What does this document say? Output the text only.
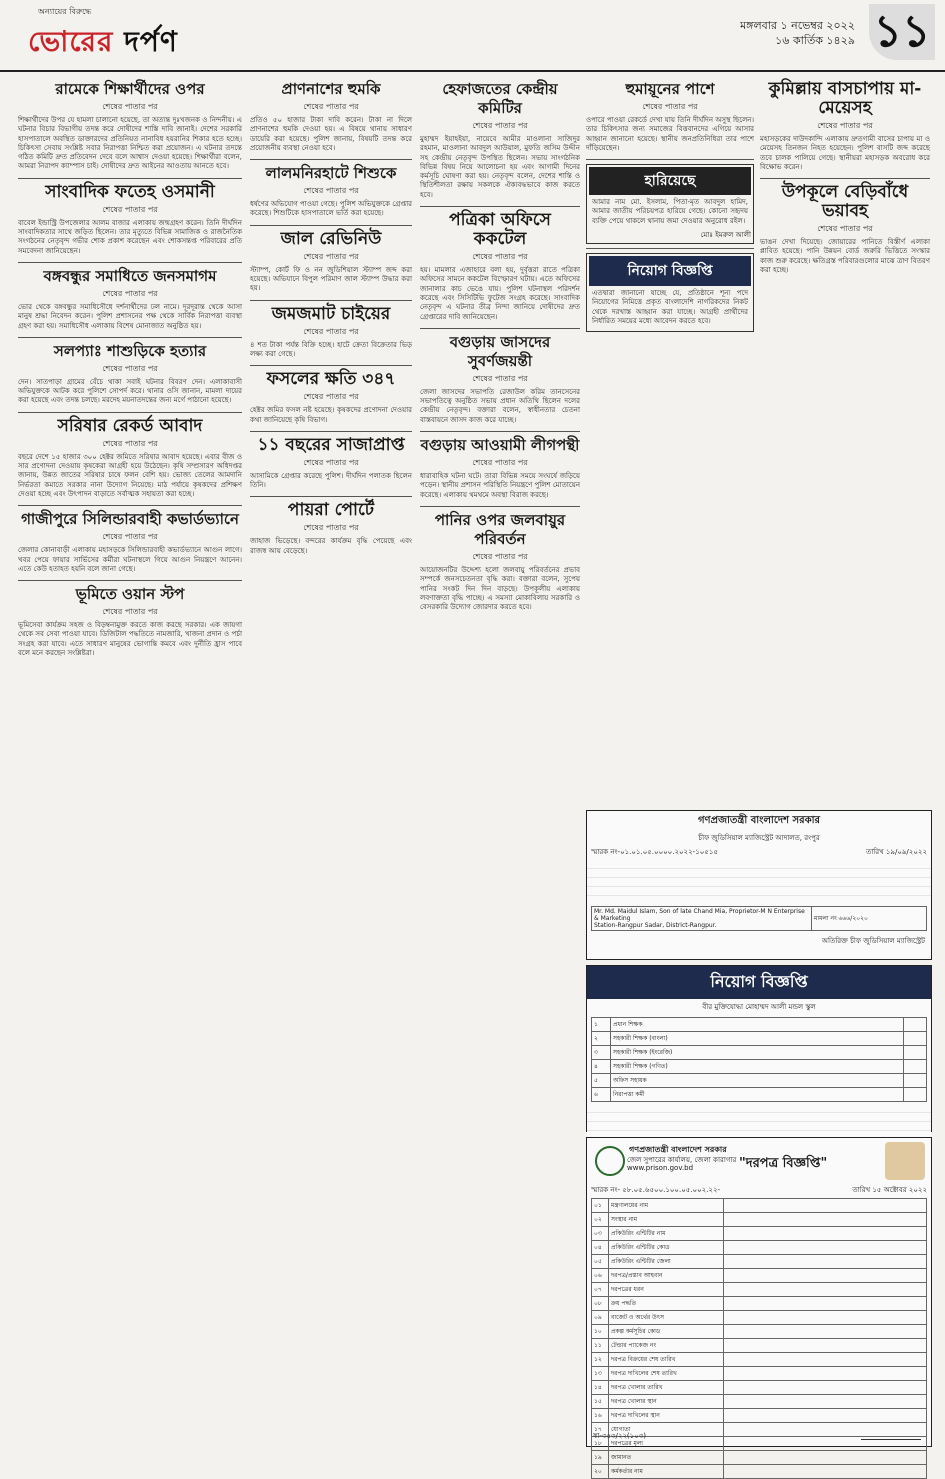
অন্যায়ের বিরুদ্ধে
ভোরের দর্পণ	মঙ্গলবার ১ নভেম্বর ২০২২
১৬ কার্তিক ১৪২৯ ১১
রামেকে শিক্ষার্থীদের ওপর
শেষের পাতার পর
শিক্ষার্থীদের উপর যে হামলা চালানো হয়েছে, তা অত্যন্ত দুঃখজনক ও নিন্দনীয়। এ ঘটনার বিচার বিভাগীয় তদন্ত করে দোষীদের শাস্তি দাবি জানাই। দেশের সরকারি হাসপাতালে অবস্থিত ডাক্তারদের প্রতিনিয়ত নানাবিধ হয়রানির শিকার হতে হচ্ছে। চিকিৎসা সেবায় সংশ্লিষ্ট সবার নিরাপত্তা নিশ্চিত করা প্রয়োজন। এ ঘটনার তদন্তে গঠিত কমিটি দ্রুত প্রতিবেদন দেবে বলে আশ্বাস দেওয়া হয়েছে। শিক্ষার্থীরা বলেন, আমরা নিরাপদ ক্যাম্পাস চাই। দোষীদের দ্রুত আইনের আওতায় আনতে হবে।
সাংবাদিক ফতেহ ওসমানী
শেষের পাতার পর
বাবেল ইন্ডাস্ট্রি উপজেলার আলম বাজার এলাকায় জন্মগ্রহণ করেন। তিনি দীর্ঘদিন সাংবাদিকতার সাথে জড়িত ছিলেন। তার মৃত্যুতে বিভিন্ন সামাজিক ও রাজনৈতিক সংগঠনের নেতৃবৃন্দ গভীর শোক প্রকাশ করেছেন এবং শোকসন্তপ্ত পরিবারের প্রতি সমবেদনা জানিয়েছেন।
বঙ্গবন্ধুর সমাধিতে জনসমাগম
শেষের পাতার পর
ভোর থেকে বঙ্গবন্ধুর সমাধিসৌধে দর্শনার্থীদের ঢল নামে। দূরদূরান্ত থেকে আসা মানুষ শ্রদ্ধা নিবেদন করেন। পুলিশ প্রশাসনের পক্ষ থেকে সার্বিক নিরাপত্তা ব্যবস্থা গ্রহণ করা হয়। সমাধিসৌধ এলাকায় বিশেষ মোনাজাত অনুষ্ঠিত হয়।
সলপ্যাঃ শাশুড়িকে হত্যার
শেষের পাতার পর
দেন। সাতপাড়া গ্রামের বেঁচে থাকা সবাই ঘটনার বিবরণ দেন। এলাকাবাসী অভিযুক্তকে আটক করে পুলিশে সোপর্দ করে। থানার ওসি জানান, মামলা দায়ের করা হয়েছে এবং তদন্ত চলছে। মরদেহ ময়নাতদন্তের জন্য মর্গে পাঠানো হয়েছে।
সরিষার রেকর্ড আবাদ
শেষের পাতার পর
বছরে দেশে ১৫ হাজার ৩০০ হেক্টর জমিতে সরিষার আবাদ হয়েছে। এবার বীজ ও সার প্রণোদনা দেওয়ায় কৃষকেরা আগ্রহী হয়ে উঠেছেন। কৃষি সম্প্রসারণ অধিদপ্তর জানায়, উন্নত জাতের সরিষার চাষে ফলন বেশি হয়। ভোজ্য তেলের আমদানি নির্ভরতা কমাতে সরকার নানা উদ্যোগ নিয়েছে। মাঠ পর্যায়ে কৃষকদের প্রশিক্ষণ দেওয়া হচ্ছে এবং উৎপাদন বাড়াতে সর্বাত্মক সহায়তা করা হচ্ছে।
গাজীপুরে সিলিন্ডারবাহী কভার্ডভ্যানে
শেষের পাতার পর
জেলার কোনাবাড়ী এলাকায় মহাসড়কে সিলিন্ডারবাহী কভার্ডভ্যানে আগুন লাগে। খবর পেয়ে ফায়ার সার্ভিসের কর্মীরা ঘটনাস্থলে গিয়ে আগুন নিয়ন্ত্রণে আনেন। এতে কেউ হতাহত হয়নি বলে জানা গেছে।
ভূমিতে ওয়ান স্টপ
শেষের পাতার পর
ভূমিসেবা কার্যক্রম সহজ ও বিড়ম্বনামুক্ত করতে কাজ করছে সরকার। এক জায়গা থেকে সব সেবা পাওয়া যাবে। ডিজিটাল পদ্ধতিতে নামজারি, খাজনা প্রদান ও পর্চা সংগ্রহ করা যাবে। এতে সাধারণ মানুষের ভোগান্তি কমবে এবং দুর্নীতি হ্রাস পাবে বলে মনে করছেন সংশ্লিষ্টরা।
প্রাণনাশের হুমকি
শেষের পাতার পর
প্রতিও ৫০ হাজার টাকা দাবি করেন। টাকা না দিলে প্রাণনাশের হুমকি দেওয়া হয়। এ বিষয়ে থানায় সাধারণ ডায়েরি করা হয়েছে। পুলিশ জানায়, বিষয়টি তদন্ত করে প্রয়োজনীয় ব্যবস্থা নেওয়া হবে।
লালমনিরহাটে শিশুকে
শেষের পাতার পর
ধর্ষণের অভিযোগ পাওয়া গেছে। পুলিশ অভিযুক্তকে গ্রেপ্তার করেছে। শিশুটিকে হাসপাতালে ভর্তি করা হয়েছে।
জাল রেভিনিউ
শেষের পাতার পর
স্ট্যাম্প, কোর্ট ফি ও নন জুডিশিয়াল স্ট্যাম্প জব্দ করা হয়েছে। অভিযানে বিপুল পরিমাণ জাল স্ট্যাম্প উদ্ধার করা হয়।
জমজমাট চাইয়ের
শেষের পাতার পর
৪ শত টাকা পর্যন্ত বিক্রি হচ্ছে। হাটে ক্রেতা বিক্রেতার ভিড় লক্ষ্য করা গেছে।
ফসলের ক্ষতি ৩৪৭
শেষের পাতার পর
হেক্টর জমির ফসল নষ্ট হয়েছে। কৃষকদের প্রণোদনা দেওয়ার কথা জানিয়েছে কৃষি বিভাগ।
১১ বছরের সাজাপ্রাপ্ত
শেষের পাতার পর
আসামিকে গ্রেপ্তার করেছে পুলিশ। দীর্ঘদিন পলাতক ছিলেন তিনি।
পায়রা পোর্টে
শেষের পাতার পর
জাহাজ ভিড়েছে। বন্দরের কার্যক্রম বৃদ্ধি পেয়েছে এবং রাজস্ব আয় বেড়েছে।
হেফাজতের কেন্দ্রীয় কমিটির
শেষের পাতার পর
মুহাম্মদ ইয়াহইয়া, নায়েবে আমীর মাওলানা সাজিদুর রহমান, মাওলানা আবদুল আউয়াল, মুফতি জসিম উদ্দীন সহ কেন্দ্রীয় নেতৃবৃন্দ উপস্থিত ছিলেন। সভায় সাংগঠনিক বিভিন্ন বিষয় নিয়ে আলোচনা হয় এবং আগামী দিনের কর্মসূচি ঘোষণা করা হয়। নেতৃবৃন্দ বলেন, দেশের শান্তি ও স্থিতিশীলতা রক্ষায় সকলকে ঐক্যবদ্ধভাবে কাজ করতে হবে।
পত্রিকা অফিসে ককটেল
শেষের পাতার পর
হয়। মামলার এজাহারে বলা হয়, দুর্বৃত্তরা রাতে পত্রিকা অফিসের সামনে ককটেল বিস্ফোরণ ঘটায়। এতে অফিসের জানালার কাচ ভেঙে যায়। পুলিশ ঘটনাস্থল পরিদর্শন করেছে এবং সিসিটিভি ফুটেজ সংগ্রহ করেছে। সাংবাদিক নেতৃবৃন্দ এ ঘটনার তীব্র নিন্দা জানিয়ে দোষীদের দ্রুত গ্রেপ্তারের দাবি জানিয়েছেন।
বগুড়ায় জাসদের সুবর্ণজয়ন্তী
শেষের পাতার পর
জেলা জাসদের সভাপতি রেজাউল করিম তানসেনের সভাপতিত্বে অনুষ্ঠিত সভায় প্রধান অতিথি ছিলেন দলের কেন্দ্রীয় নেতৃবৃন্দ। বক্তারা বলেন, স্বাধীনতার চেতনা বাস্তবায়নে জাসদ কাজ করে যাচ্ছে।
বগুড়ায় আওয়ামী লীগপন্থী
শেষের পাতার পর
ধারাবাহিক ঘটনা ঘটে। তারা বিভিন্ন সময়ে সংঘর্ষে জড়িয়ে পড়েন। স্থানীয় প্রশাসন পরিস্থিতি নিয়ন্ত্রণে পুলিশ মোতায়েন করেছে। এলাকায় থমথমে অবস্থা বিরাজ করছে।
পানির ওপর জলবায়ুর পরিবর্তন
শেষের পাতার পর
আয়োজনটির উদ্দেশ্য হলো জলবায়ু পরিবর্তনের প্রভাব সম্পর্কে জনসচেতনতা বৃদ্ধি করা। বক্তারা বলেন, সুপেয় পানির সংকট দিন দিন বাড়ছে। উপকূলীয় এলাকায় লবণাক্ততা বৃদ্ধি পাচ্ছে। এ সমস্যা মোকাবিলায় সরকারি ও বেসরকারি উদ্যোগ জোরদার করতে হবে।
হুমায়ূনের পাশে
শেষের পাতার পর
ওপারে পাওয়া রেকর্ডে দেখা যায় তিনি দীর্ঘদিন অসুস্থ ছিলেন। তার চিকিৎসার জন্য সমাজের বিত্তবানদের এগিয়ে আসার আহ্বান জানানো হয়েছে। স্থানীয় জনপ্রতিনিধিরা তার পাশে দাঁড়িয়েছেন।
হারিয়েছে
আমার নাম মো. ইসলাম, পিতা-মৃত আবদুল হামিদ, আমার জাতীয় পরিচয়পত্র হারিয়ে গেছে। কোনো সহৃদয় ব্যক্তি পেয়ে থাকলে থানায় জমা দেওয়ার অনুরোধ রইল।
মোঃ ইমরুল আলী
নিয়োগ বিজ্ঞপ্তি
এতদ্বারা জানানো যাচ্ছে যে, প্রতিষ্ঠানে শূন্য পদে নিয়োগের নিমিত্তে প্রকৃত বাংলাদেশি নাগরিকদের নিকট থেকে দরখাস্ত আহ্বান করা যাচ্ছে। আগ্রহী প্রার্থীদের নির্ধারিত সময়ের মধ্যে আবেদন করতে হবে।
কুমিল্লায় বাসচাপায় মা-মেয়েসহ
শেষের পাতার পর
মহাসড়কের দাউদকান্দি এলাকায় দ্রুতগামী বাসের চাপায় মা ও মেয়েসহ তিনজন নিহত হয়েছেন। পুলিশ বাসটি জব্দ করেছে তবে চালক পালিয়ে গেছে। স্থানীয়রা মহাসড়ক অবরোধ করে বিক্ষোভ করেন।
উপকূলে বেড়িবাঁধে ভয়াবহ
শেষের পাতার পর
ভাঙন দেখা দিয়েছে। জোয়ারের পানিতে বিস্তীর্ণ এলাকা প্লাবিত হয়েছে। পানি উন্নয়ন বোর্ড জরুরি ভিত্তিতে সংস্কার কাজ শুরু করেছে। ক্ষতিগ্রস্ত পরিবারগুলোর মাঝে ত্রাণ বিতরণ করা হচ্ছে।
গণপ্রজাতন্ত্রী বাংলাদেশ সরকার
চীফ জুডিসিয়াল ম্যাজিস্ট্রেট আদালত, রংপুর
স্মারক নং-০১.০১.০৫.০০০০.২০২২-১০৫১৫	তারিখ ১৯/০৯/২০২২
Mr. Md. Maidul Islam, Son of late Chand Mia, Proprietor-M N Enterprise & Marketing
Station-Rangpur Sadar, District-Rangpur.	মামলা নং ৬৬৬/২০২০
অতিরিক্ত চীফ জুডিসিয়াল ম্যাজিস্ট্রেট
নিয়োগ বিজ্ঞপ্তি
বীর মুক্তিযোদ্ধা মোহাম্মদ আলী মন্ডল স্কুল
১	প্রধান শিক্ষক	
২	সহকারী শিক্ষক (বাংলা)	
৩	সহকারী শিক্ষক (ইংরেজি)	
৪	সহকারী শিক্ষক (গণিত)	
৫	অফিস সহায়ক	
৬	নিরাপত্তা কর্মী	
গণপ্রজাতন্ত্রী বাংলাদেশ সরকার
জেল সুপারের কার্যালয়, জেলা কারাগার
www.prison.gov.bd	"দরপত্র বিজ্ঞপ্তি"
স্মারক নং- ৫৮.০৫.৬৫০০.১০০.০৫.০০২.২২-	তারিখ ১৫ অক্টোবর ২০২২
০১	মন্ত্রণালয়ের নাম	
০২	সংস্থার নাম	
০৩	প্রকিউরিং এন্টিটির নাম	
০৪	প্রকিউরিং এন্টিটির কোড	
০৫	প্রকিউরিং এন্টিটির জেলা	
০৬	দরপত্র/প্রস্তাব আহবান	
০৭	দরপত্রের ধরন	
০৮	ক্রয় পদ্ধতি	
০৯	বাজেট ও অর্থের উৎস	
১০	প্রকল্প কর্মসূচির কোড	
১১	টেন্ডার প্যাকেজ নং	
১২	দরপত্র বিক্রয়ের শেষ তারিখ	
১৩	দরপত্র দাখিলের শেষ তারিখ	
১৪	দরপত্র খোলার তারিখ	
১৫	দরপত্র খোলার স্থান	
১৬	দরপত্র দাখিলের স্থান	
১৭	যোগ্যতা	
১৮	দরপত্রের মূল্য	
১৯	জামানত	
২০	কর্মকর্তার নাম	
স্বা-৩৫৩/২২(১০৩)
